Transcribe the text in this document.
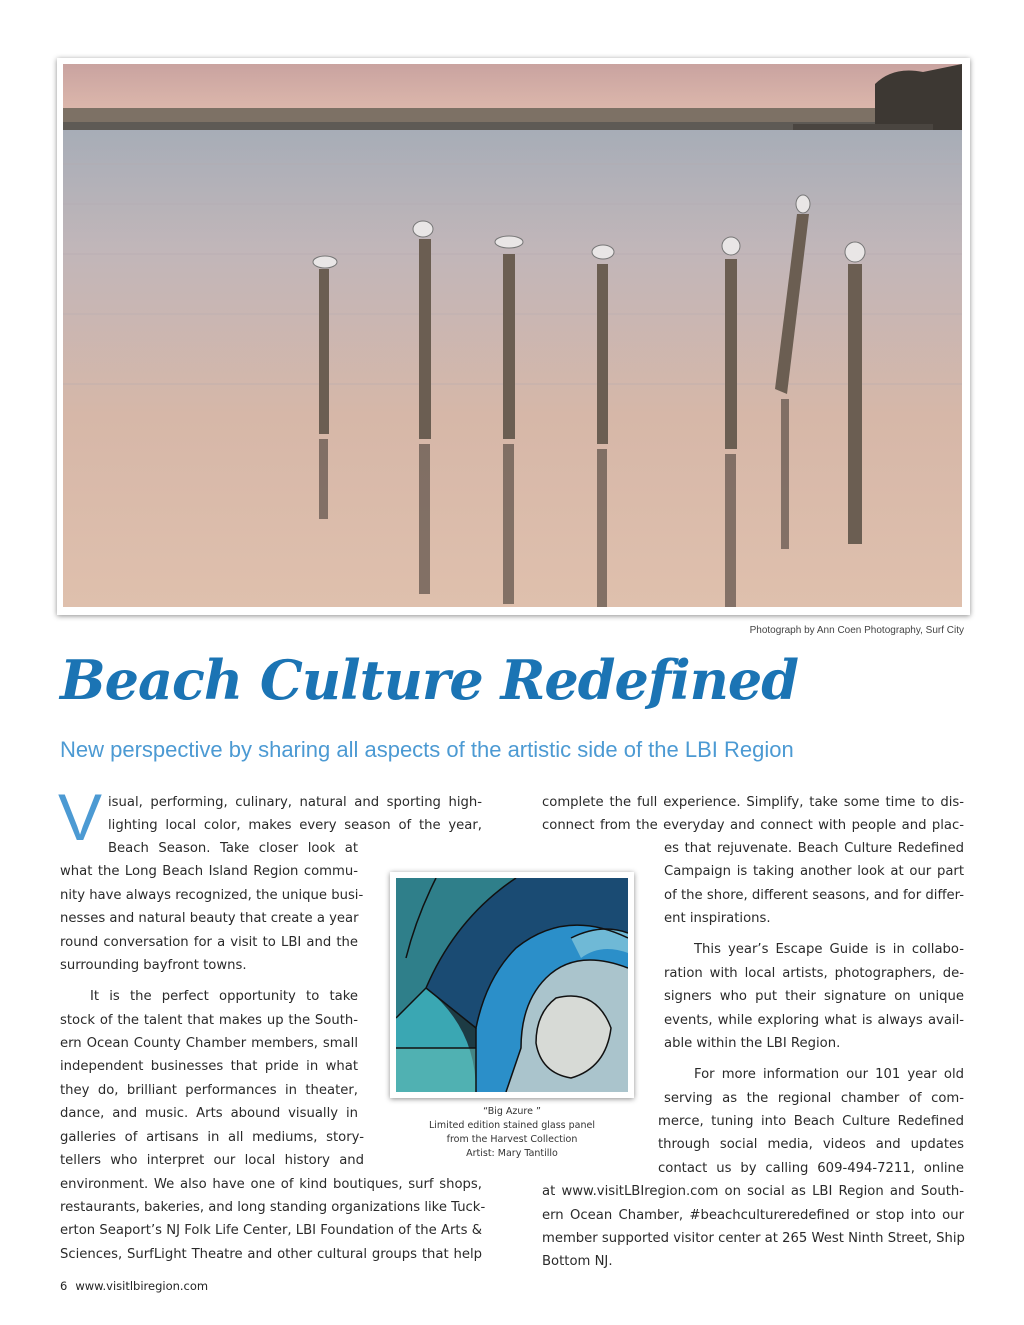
Photograph by Ann Coen Photography, Surf City
Beach Culture Redefined
New perspective by sharing all aspects of the artistic side of the LBI Region
V isual, performing, culinary, natural and sporting high-
lighting local color, makes every season of the year,
Beach Season. Take closer look at
what the Long Beach Island Region commu-
nity have always recognized, the unique busi-
nesses and natural beauty that create a year
round conversation for a visit to LBI and the
surrounding bayfront towns.
It is the perfect opportunity to take
stock of the talent that makes up the South-
ern Ocean County Chamber members, small
independent businesses that pride in what
they do, brilliant performances in theater,
dance, and music. Arts abound visually in
galleries of artisans in all mediums, story-
tellers who interpret our local history and
environment. We also have one of kind boutiques, surf shops,
restaurants, bakeries, and long standing organizations like Tuck-
erton Seaport’s NJ Folk Life Center, LBI Foundation of the Arts &
Sciences, SurfLight Theatre and other cultural groups that help
complete the full experience. Simplify, take some time to dis-
connect from the everyday and connect with people and plac-
es that rejuvenate. Beach Culture Redefined
Campaign is taking another look at our part
of the shore, different seasons, and for differ-
ent inspirations.
This year’s Escape Guide is in collabo-
ration with local artists, photographers, de-
signers who put their signature on unique
events, while exploring what is always avail-
able within the LBI Region.
For more information our 101 year old
serving as the regional chamber of com-
merce, tuning into Beach Culture Redefined
through social media, videos and updates
contact us by calling 609-494-7211, online
at www.visitLBIregion.com on social as LBI Region and South-
ern Ocean Chamber, #beachcultureredefined or stop into our
member supported visitor center at 265 West Ninth Street, Ship
Bottom NJ.
“Big Azure ”
Limited edition stained glass panel
from the Harvest Collection
Artist: Mary Tantillo
6 www.visitlbiregion.com
